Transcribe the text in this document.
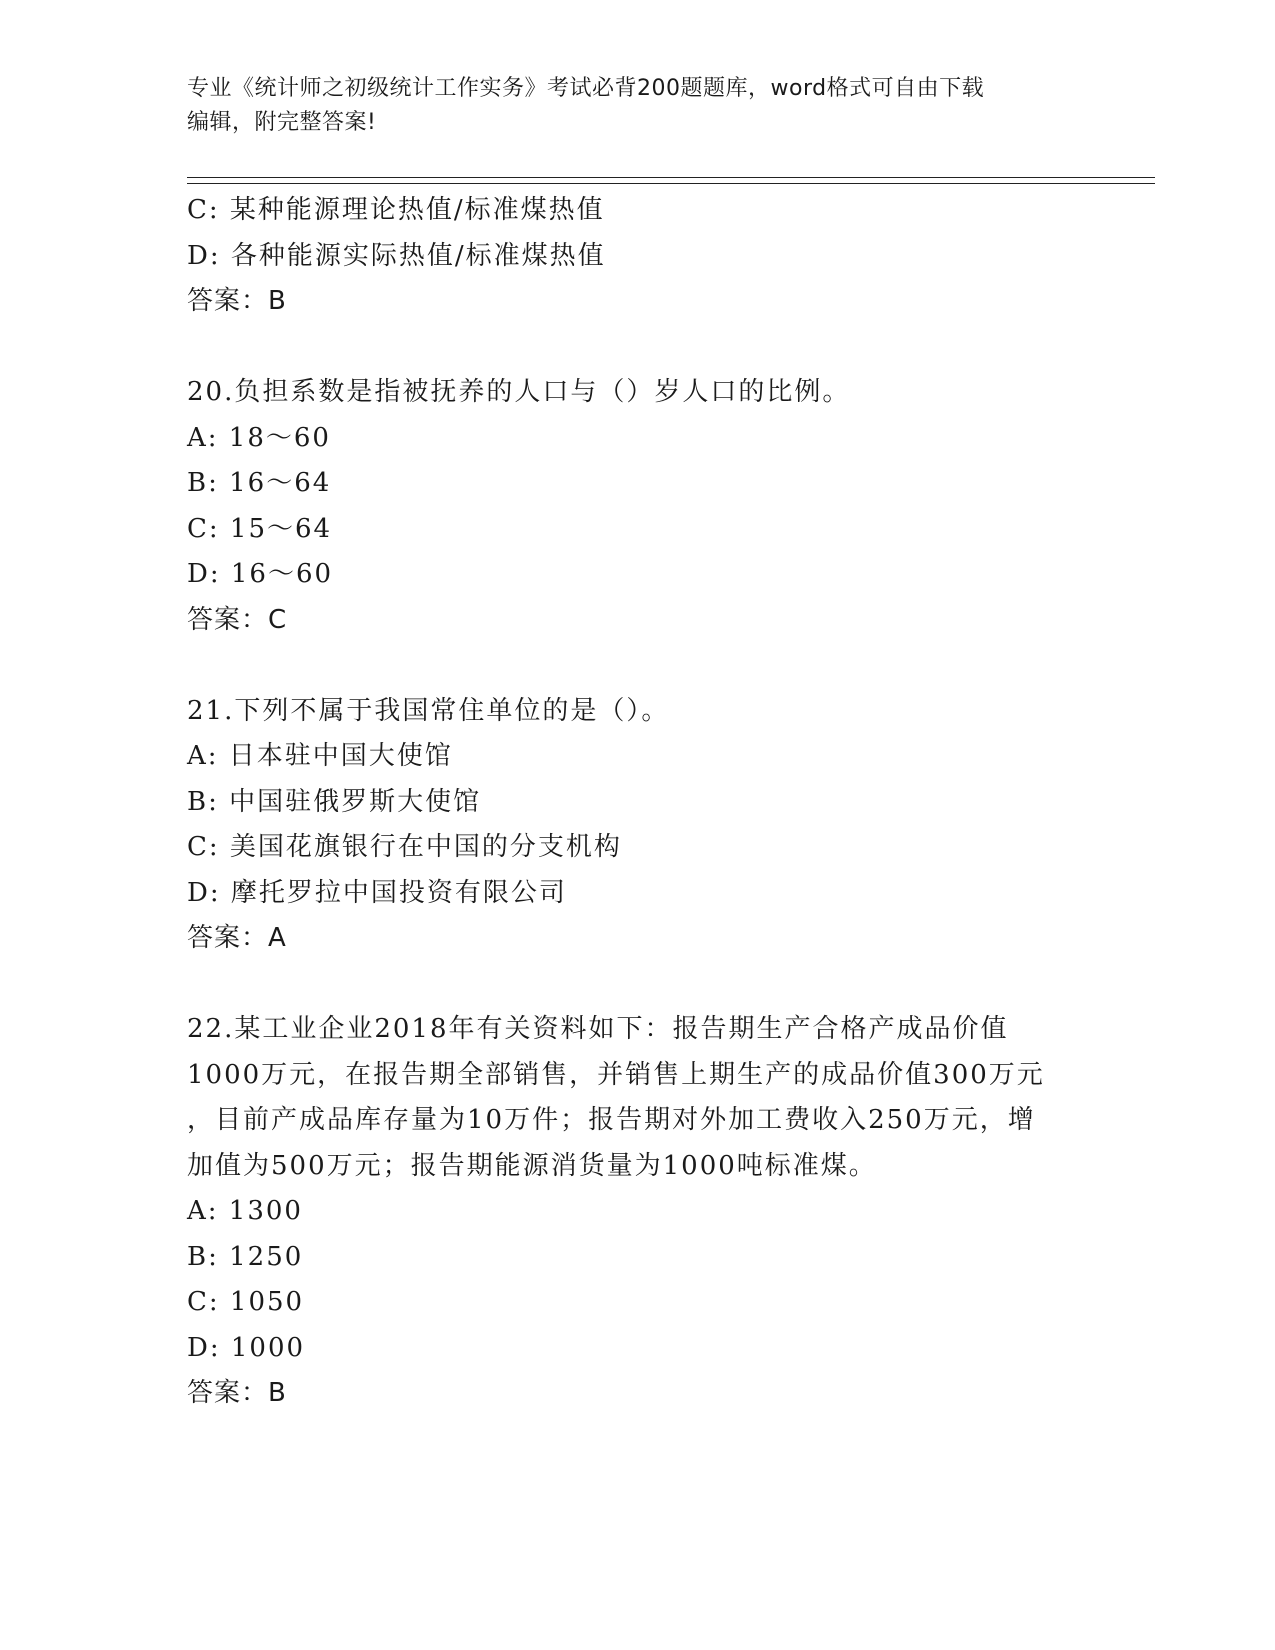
专业《统计师之初级统计工作实务》考试必背200题题库，word格式可自由下载
编辑，附完整答案!
C: 某种能源理论热值/标准煤热值
D: 各种能源实际热值/标准煤热值
答案：B
20.负担系数是指被抚养的人口与（）岁人口的比例。
A: 18～60
B: 16～64
C: 15～64
D: 16～60
答案：C
21.下列不属于我国常住单位的是（）。
A: 日本驻中国大使馆
B: 中国驻俄罗斯大使馆
C: 美国花旗银行在中国的分支机构
D: 摩托罗拉中国投资有限公司
答案：A
22.某工业企业2018年有关资料如下：报告期生产合格产成品价值
1000万元，在报告期全部销售，并销售上期生产的成品价值300万元
，目前产成品库存量为10万件；报告期对外加工费收入250万元，增
加值为500万元；报告期能源消货量为1000吨标准煤。
A: 1300
B: 1250
C: 1050
D: 1000
答案：B
